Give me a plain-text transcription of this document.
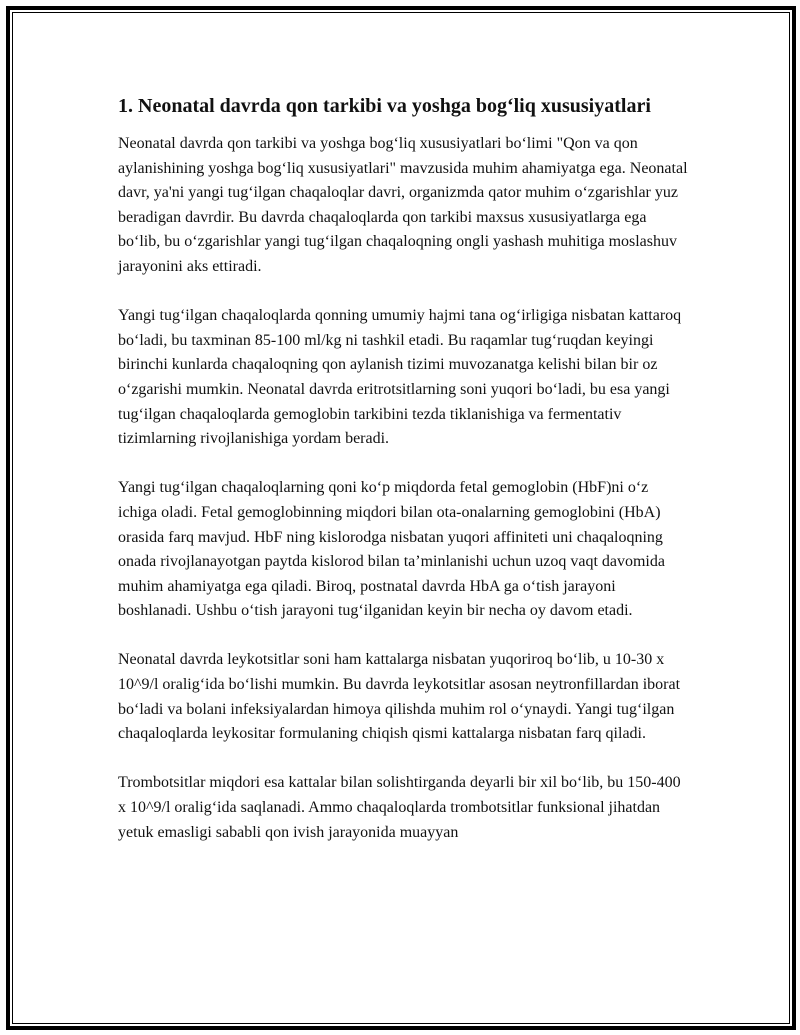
1. Neonatal davrda qon tarkibi va yoshga bog‘liq xususiyatlari

Neonatal davrda qon tarkibi va yoshga bog‘liq xususiyatlari bo‘limi "Qon va qon aylanishining yoshga bog‘liq xususiyatlari" mavzusida muhim ahamiyatga ega. Neonatal davr, ya'ni yangi tug‘ilgan chaqaloqlar davri, organizmda qator muhim o‘zgarishlar yuz beradigan davrdir. Bu davrda chaqaloqlarda qon tarkibi maxsus xususiyatlarga ega bo‘lib, bu o‘zgarishlar yangi tug‘ilgan chaqaloqning ongli yashash muhitiga moslashuv jarayonini aks ettiradi.

Yangi tug‘ilgan chaqaloqlarda qonning umumiy hajmi tana og‘irligiga nisbatan kattaroq bo‘ladi, bu taxminan 85-100 ml/kg ni tashkil etadi. Bu raqamlar tug‘ruqdan keyingi birinchi kunlarda chaqaloqning qon aylanish tizimi muvozanatga kelishi bilan bir oz o‘zgarishi mumkin. Neonatal davrda eritrotsitlarning soni yuqori bo‘ladi, bu esa yangi tug‘ilgan chaqaloqlarda gemoglobin tarkibini tezda tiklanishiga va fermentativ tizimlarning rivojlanishiga yordam beradi.

Yangi tug‘ilgan chaqaloqlarning qoni ko‘p miqdorda fetal gemoglobin (HbF)ni o‘z ichiga oladi. Fetal gemoglobinning miqdori bilan ota-onalarning gemoglobini (HbA) orasida farq mavjud. HbF ning kislorodga nisbatan yuqori affiniteti uni chaqaloqning onada rivojlanayotgan paytda kislorod bilan ta’minlanishi uchun uzoq vaqt davomida muhim ahamiyatga ega qiladi. Biroq, postnatal davrda HbA ga o‘tish jarayoni boshlanadi. Ushbu o‘tish jarayoni tug‘ilganidan keyin bir necha oy davom etadi.

Neonatal davrda leykotsitlar soni ham kattalarga nisbatan yuqoriroq bo‘lib, u 10-30 x 10^9/l oralig‘ida bo‘lishi mumkin. Bu davrda leykotsitlar asosan neytronfillardan iborat bo‘ladi va bolani infeksiyalardan himoya qilishda muhim rol o‘ynaydi. Yangi tug‘ilgan chaqaloqlarda leykositar formulaning chiqish qismi kattalarga nisbatan farq qiladi.

Trombotsitlar miqdori esa kattalar bilan solishtirganda deyarli bir xil bo‘lib, bu 150-400 x 10^9/l oralig‘ida saqlanadi. Ammo chaqaloqlarda trombotsitlar funksional jihatdan yetuk emasligi sababli qon ivish jarayonida muayyan
